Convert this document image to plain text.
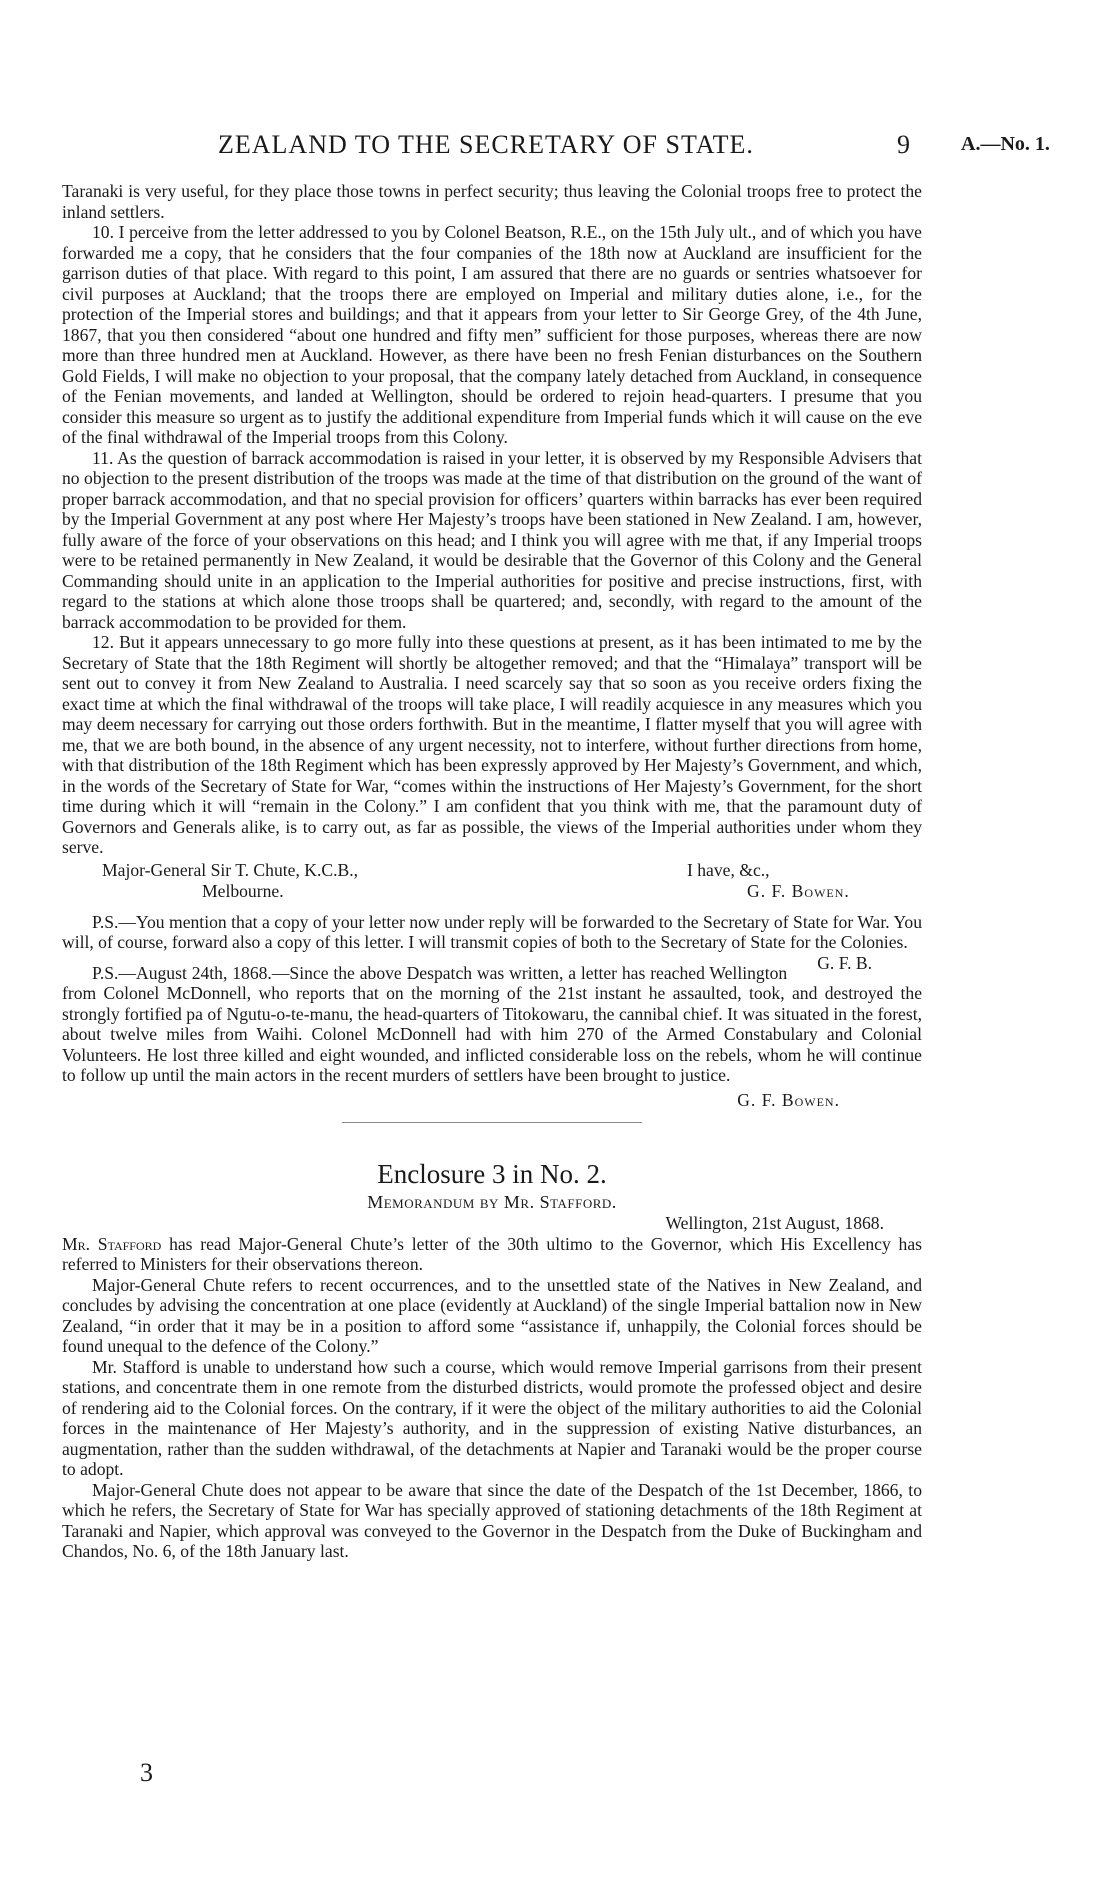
ZEALAND TO THE SECRETARY OF STATE.	9	A.—No. 1.

Taranaki is very useful, for they place those towns in perfect security; thus leaving the Colonial troops free to protect the inland settlers.

10. I perceive from the letter addressed to you by Colonel Beatson, R.E., on the 15th July ult., and of which you have forwarded me a copy, that he considers that the four companies of the 18th now at Auckland are insufficient for the garrison duties of that place. With regard to this point, I am assured that there are no guards or sentries whatsoever for civil purposes at Auckland; that the troops there are employed on Imperial and military duties alone, i.e., for the protection of the Imperial stores and buildings; and that it appears from your letter to Sir George Grey, of the 4th June, 1867, that you then considered “about one hundred and fifty men” sufficient for those purposes, whereas there are now more than three hundred men at Auckland. However, as there have been no fresh Fenian disturbances on the Southern Gold Fields, I will make no objection to your proposal, that the company lately detached from Auckland, in consequence of the Fenian movements, and landed at Wellington, should be ordered to rejoin head-quarters. I presume that you consider this measure so urgent as to justify the additional expenditure from Imperial funds which it will cause on the eve of the final withdrawal of the Imperial troops from this Colony.

11. As the question of barrack accommodation is raised in your letter, it is observed by my Responsible Advisers that no objection to the present distribution of the troops was made at the time of that distribution on the ground of the want of proper barrack accommodation, and that no special provision for officers’ quarters within barracks has ever been required by the Imperial Government at any post where Her Majesty’s troops have been stationed in New Zealand. I am, however, fully aware of the force of your observations on this head; and I think you will agree with me that, if any Imperial troops were to be retained permanently in New Zealand, it would be desirable that the Governor of this Colony and the General Commanding should unite in an application to the Imperial authorities for positive and precise instructions, first, with regard to the stations at which alone those troops shall be quartered; and, secondly, with regard to the amount of the barrack accommodation to be provided for them.

12. But it appears unnecessary to go more fully into these questions at present, as it has been intimated to me by the Secretary of State that the 18th Regiment will shortly be altogether removed; and that the “Himalaya” transport will be sent out to convey it from New Zealand to Australia. I need scarcely say that so soon as you receive orders fixing the exact time at which the final withdrawal of the troops will take place, I will readily acquiesce in any measures which you may deem necessary for carrying out those orders forthwith. But in the meantime, I flatter myself that you will agree with me, that we are both bound, in the absence of any urgent necessity, not to interfere, without further directions from home, with that distribution of the 18th Regiment which has been expressly approved by Her Majesty’s Government, and which, in the words of the Secretary of State for War, “comes within the instructions of Her Majesty’s Government, for the short time during which it will “remain in the Colony.” I am confident that you think with me, that the paramount duty of Governors and Generals alike, is to carry out, as far as possible, the views of the Imperial authorities under whom they serve.

Major-General Sir T. Chute, K.C.B.,
Melbourne.
I have, &c.,
G. F. Bowen.

P.S.—You mention that a copy of your letter now under reply will be forwarded to the Secretary of State for War. You will, of course, forward also a copy of this letter. I will transmit copies of both to the Secretary of State for the Colonies.
G. F. B.

P.S.—August 24th, 1868.—Since the above Despatch was written, a letter has reached Wellington from Colonel McDonnell, who reports that on the morning of the 21st instant he assaulted, took, and destroyed the strongly fortified pa of Ngutu-o-te-manu, the head-quarters of Titokowaru, the cannibal chief. It was situated in the forest, about twelve miles from Waihi. Colonel McDonnell had with him 270 of the Armed Constabulary and Colonial Volunteers. He lost three killed and eight wounded, and inflicted considerable loss on the rebels, whom he will continue to follow up until the main actors in the recent murders of settlers have been brought to justice.

G. F. Bowen.
Enclosure 3 in No. 2.
Memorandum by Mr. Stafford.
Wellington, 21st August, 1868.

Mr. Stafford has read Major-General Chute’s letter of the 30th ultimo to the Governor, which His Excellency has referred to Ministers for their observations thereon.

Major-General Chute refers to recent occurrences, and to the unsettled state of the Natives in New Zealand, and concludes by advising the concentration at one place (evidently at Auckland) of the single Imperial battalion now in New Zealand, “in order that it may be in a position to afford some “assistance if, unhappily, the Colonial forces should be found unequal to the defence of the Colony.”

Mr. Stafford is unable to understand how such a course, which would remove Imperial garrisons from their present stations, and concentrate them in one remote from the disturbed districts, would promote the professed object and desire of rendering aid to the Colonial forces. On the contrary, if it were the object of the military authorities to aid the Colonial forces in the maintenance of Her Majesty’s authority, and in the suppression of existing Native disturbances, an augmentation, rather than the sudden withdrawal, of the detachments at Napier and Taranaki would be the proper course to adopt.

Major-General Chute does not appear to be aware that since the date of the Despatch of the 1st December, 1866, to which he refers, the Secretary of State for War has specially approved of stationing detachments of the 18th Regiment at Taranaki and Napier, which approval was conveyed to the Governor in the Despatch from the Duke of Buckingham and Chandos, No. 6, of the 18th January last.

3
